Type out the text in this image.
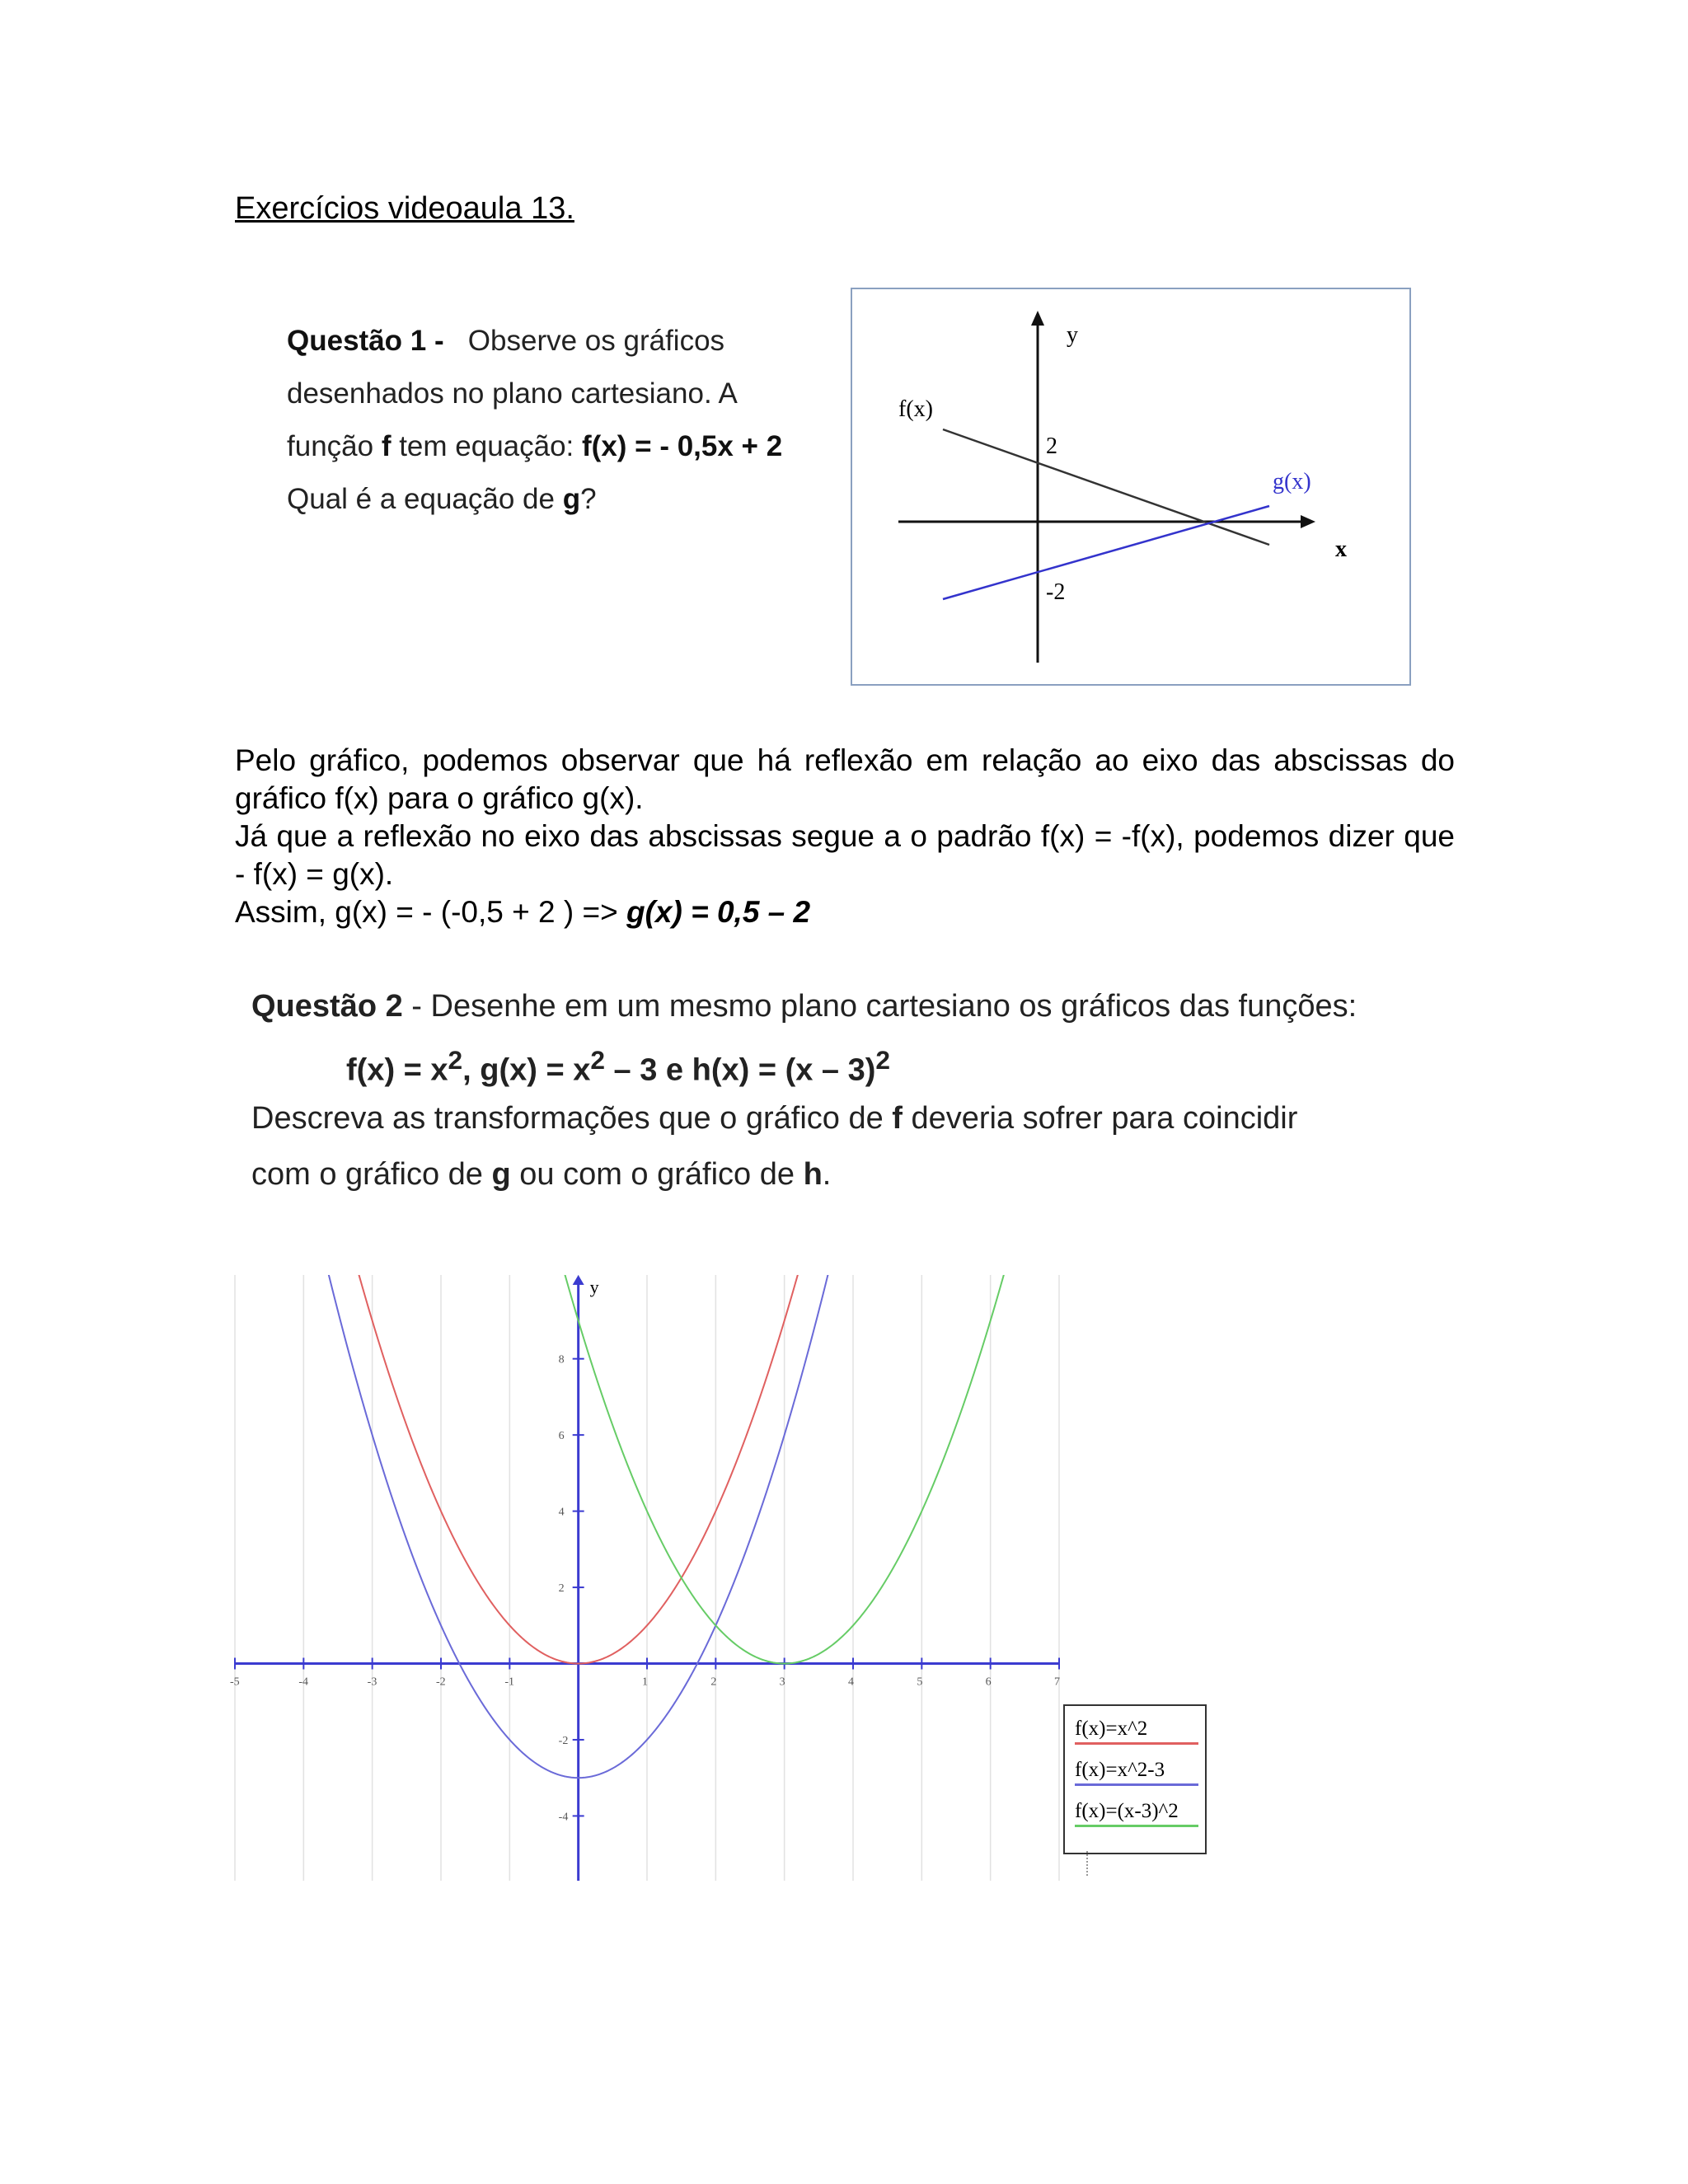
Exercícios videoaula 13.
Questão 1 - Observe os gráficos
desenhados no plano cartesiano. A
função f tem equação: f(x) = - 0,5x + 2
Qual é a equação de g?
y
x
f(x)
g(x)
2
-2

Pelo gráfico, podemos observar que há reflexão em relação ao eixo das abscissas do gráfico f(x) para o gráfico g(x).

Já que a reflexão no eixo das abscissas segue a o padrão f(x) = -f(x), podemos dizer que - f(x) = g(x).

Assim, g(x) = - (-0,5 + 2 ) => g(x) = 0,5 – 2

Questão 2 - Desenhe em um mesmo plano cartesiano os gráficos das funções:
$f(x) = x^2$, $g(x) = x^2 - 3$ e h(x) = (x – 3)$^2$
Descreva as transformações que o gráfico de f deveria sofrer para coincidir
com o gráfico de g ou com o gráfico de h.
-5	-4	-3	-2	-1	1	2	3	4	5	6	7
8
6
4
2
-2
-4
y
f(x)=x^2
f(x)=x^2-3
f(x)=(x-3)^2
